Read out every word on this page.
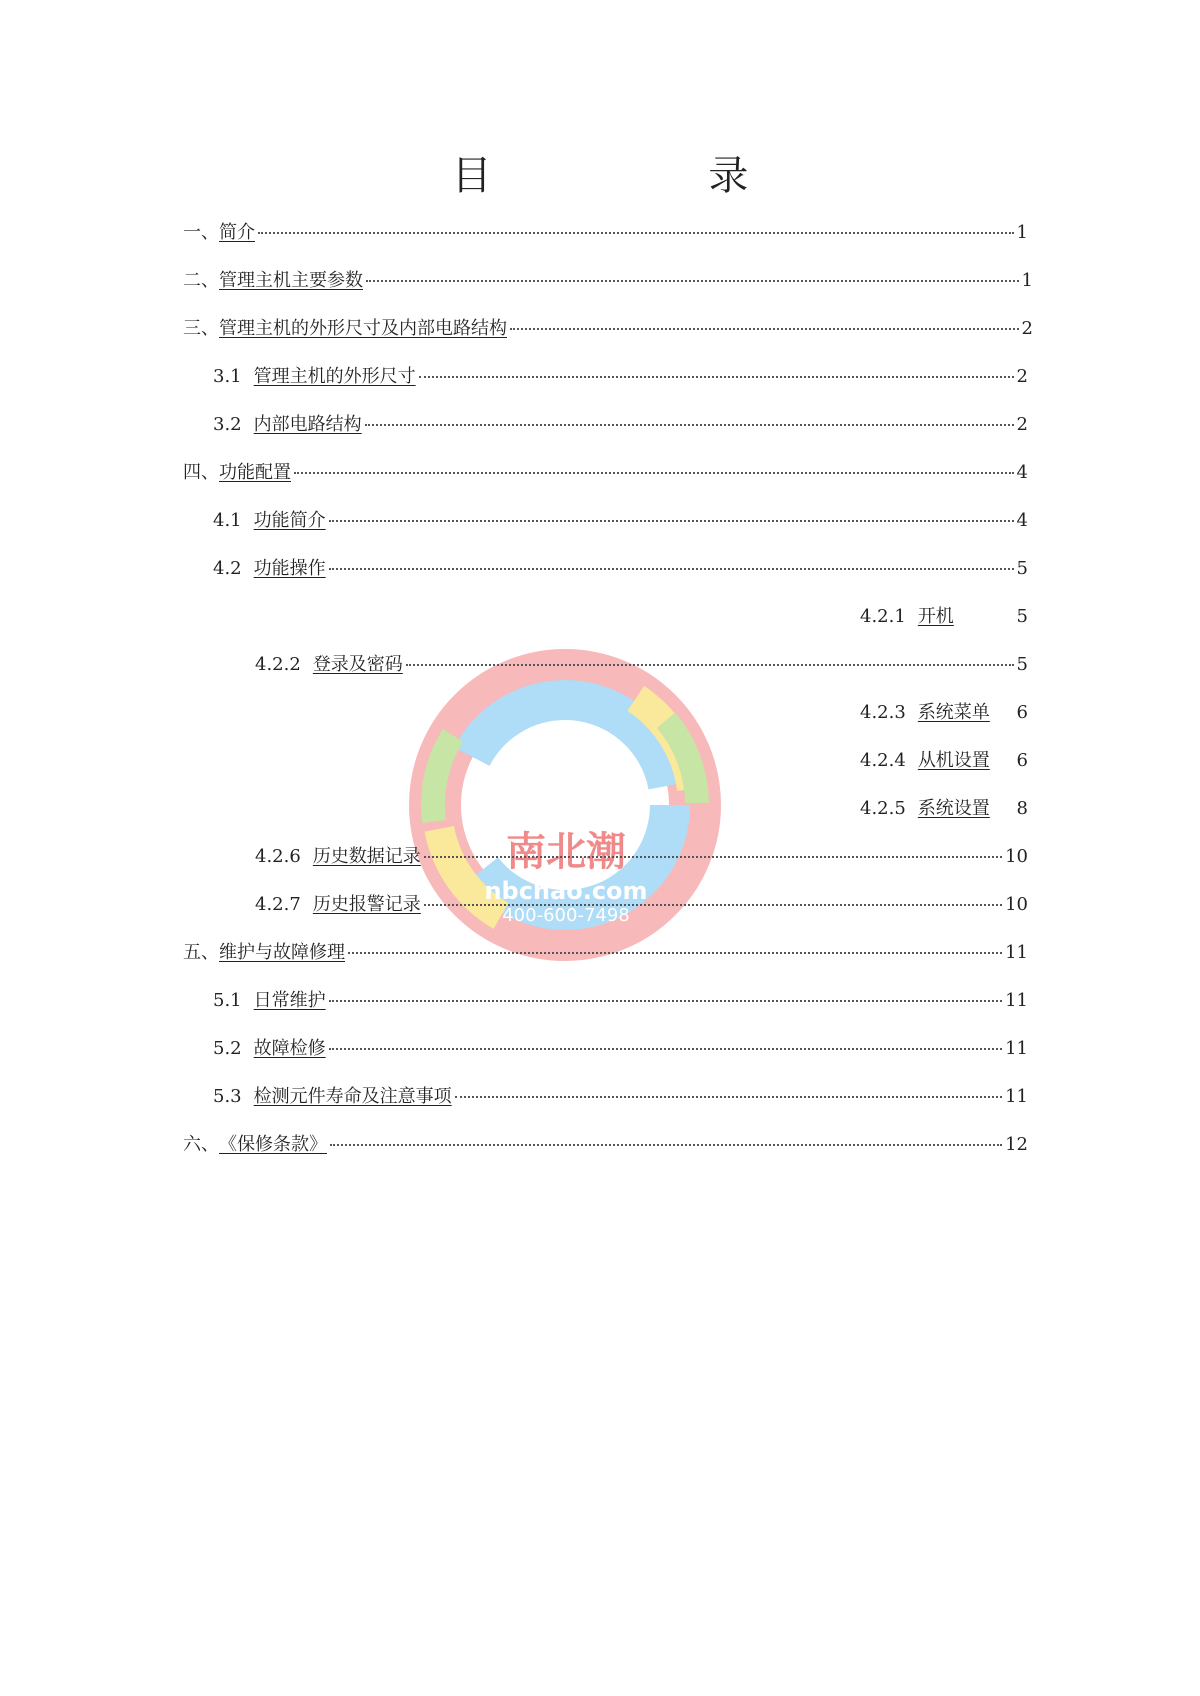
目 录
南北潮
nbchao.com
400-600-7498
一、 简介	1
二、 管理主机主要参数	1
三、 管理主机的外形尺寸及内部电路结构	2
3.1 管理主机的外形尺寸	2
3.2 内部电路结构	2
四、 功能配置	4
4.1 功能简介	4
4.2 功能操作	5
4.2.1 开机	5
4.2.2 登录及密码	5
4.2.3 系统菜单 6
4.2.4 从机设置 6
4.2.5 系统设置 8
4.2.6 历史数据记录	10
4.2.7 历史报警记录	10
五、 维护与故障修理	11
5.1 日常维护	11
5.2 故障检修	11
5.3 检测元件寿命及注意事项	11
六、 《保修条款》	12
